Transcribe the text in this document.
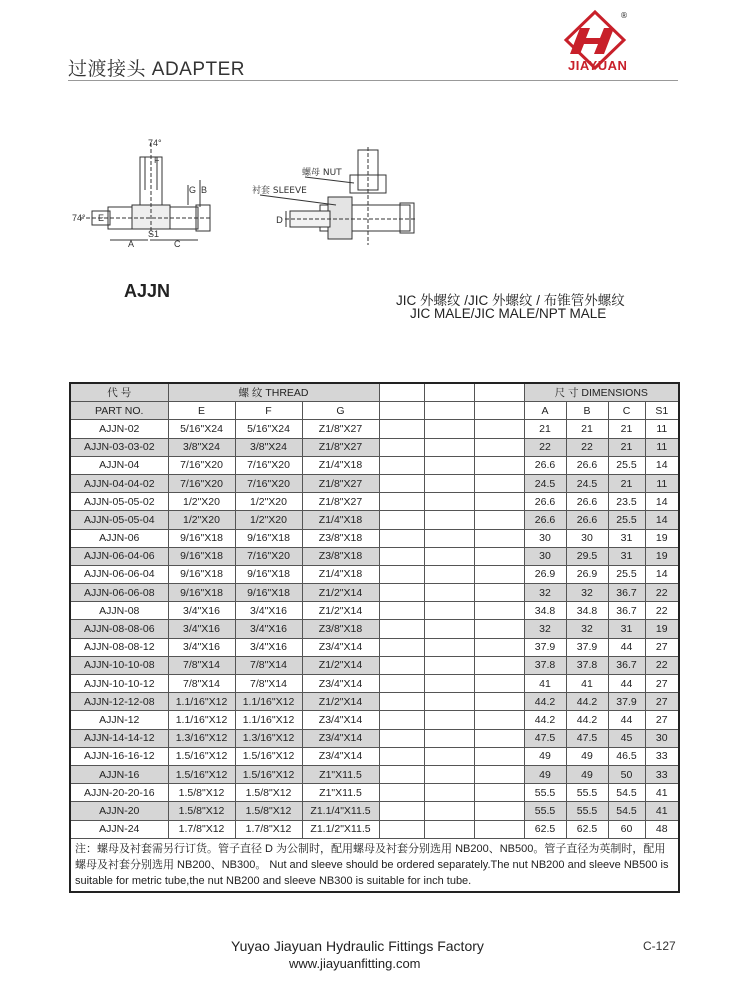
过渡接头 ADAPTER
®
JIAYUAN
74°
74°
F
G B
E
A
S1
C
螺母 NUT
衬套 SLEEVE
D
AJJN	JIC 外螺纹 /JIC 外螺纹 / 布锥管外螺纹
JIC MALE/JIC MALE/NPT MALE
代 号	螺 纹 THREAD						尺 寸 DIMENSIONS			
PART NO.	E	F	G				A	B	C	S1
AJJN-02	5/16"X24	5/16"X24	Z1/8"X27				21	21	21	11
AJJN-03-03-02	3/8"X24	3/8"X24	Z1/8"X27				22	22	21	11
AJJN-04	7/16"X20	7/16"X20	Z1/4"X18				26.6	26.6	25.5	14
AJJN-04-04-02	7/16"X20	7/16"X20	Z1/8"X27				24.5	24.5	21	11
AJJN-05-05-02	1/2"X20	1/2"X20	Z1/8"X27				26.6	26.6	23.5	14
AJJN-05-05-04	1/2"X20	1/2"X20	Z1/4"X18				26.6	26.6	25.5	14
AJJN-06	9/16"X18	9/16"X18	Z3/8"X18				30	30	31	19
AJJN-06-04-06	9/16"X18	7/16"X20	Z3/8"X18				30	29.5	31	19
AJJN-06-06-04	9/16"X18	9/16"X18	Z1/4"X18				26.9	26.9	25.5	14
AJJN-06-06-08	9/16"X18	9/16"X18	Z1/2"X14				32	32	36.7	22
AJJN-08	3/4"X16	3/4"X16	Z1/2"X14				34.8	34.8	36.7	22
AJJN-08-08-06	3/4"X16	3/4"X16	Z3/8"X18				32	32	31	19
AJJN-08-08-12	3/4"X16	3/4"X16	Z3/4"X14				37.9	37.9	44	27
AJJN-10-10-08	7/8"X14	7/8"X14	Z1/2"X14				37.8	37.8	36.7	22
AJJN-10-10-12	7/8"X14	7/8"X14	Z3/4"X14				41	41	44	27
AJJN-12-12-08	1.1/16"X12	1.1/16"X12	Z1/2"X14				44.2	44.2	37.9	27
AJJN-12	1.1/16"X12	1.1/16"X12	Z3/4"X14				44.2	44.2	44	27
AJJN-14-14-12	1.3/16"X12	1.3/16"X12	Z3/4"X14				47.5	47.5	45	30
AJJN-16-16-12	1.5/16"X12	1.5/16"X12	Z3/4"X14				49	49	46.5	33
AJJN-16	1.5/16"X12	1.5/16"X12	Z1"X11.5				49	49	50	33
AJJN-20-20-16	1.5/8"X12	1.5/8"X12	Z1"X11.5				55.5	55.5	54.5	41
AJJN-20	1.5/8"X12	1.5/8"X12	Z1.1/4"X11.5				55.5	55.5	54.5	41
AJJN-24	1.7/8"X12	1.7/8"X12	Z1.1/2"X11.5				62.5	62.5	60	48
注：螺母及衬套需另行订货。管子直径 D 为公制时，配用螺母及衬套分别选用 NB200、NB500。管子直径为英制时，配用螺母及衬套分别选用 NB200、NB300。 Nut and sleeve should be ordered separately.The nut NB200 and sleeve NB500 is suitable for metric tube,the nut NB200 and sleeve NB300 is suitable for inch tube.										
Yuyao Jiayuan Hydraulic Fittings Factory
www.jiayuanfitting.com
C-127
